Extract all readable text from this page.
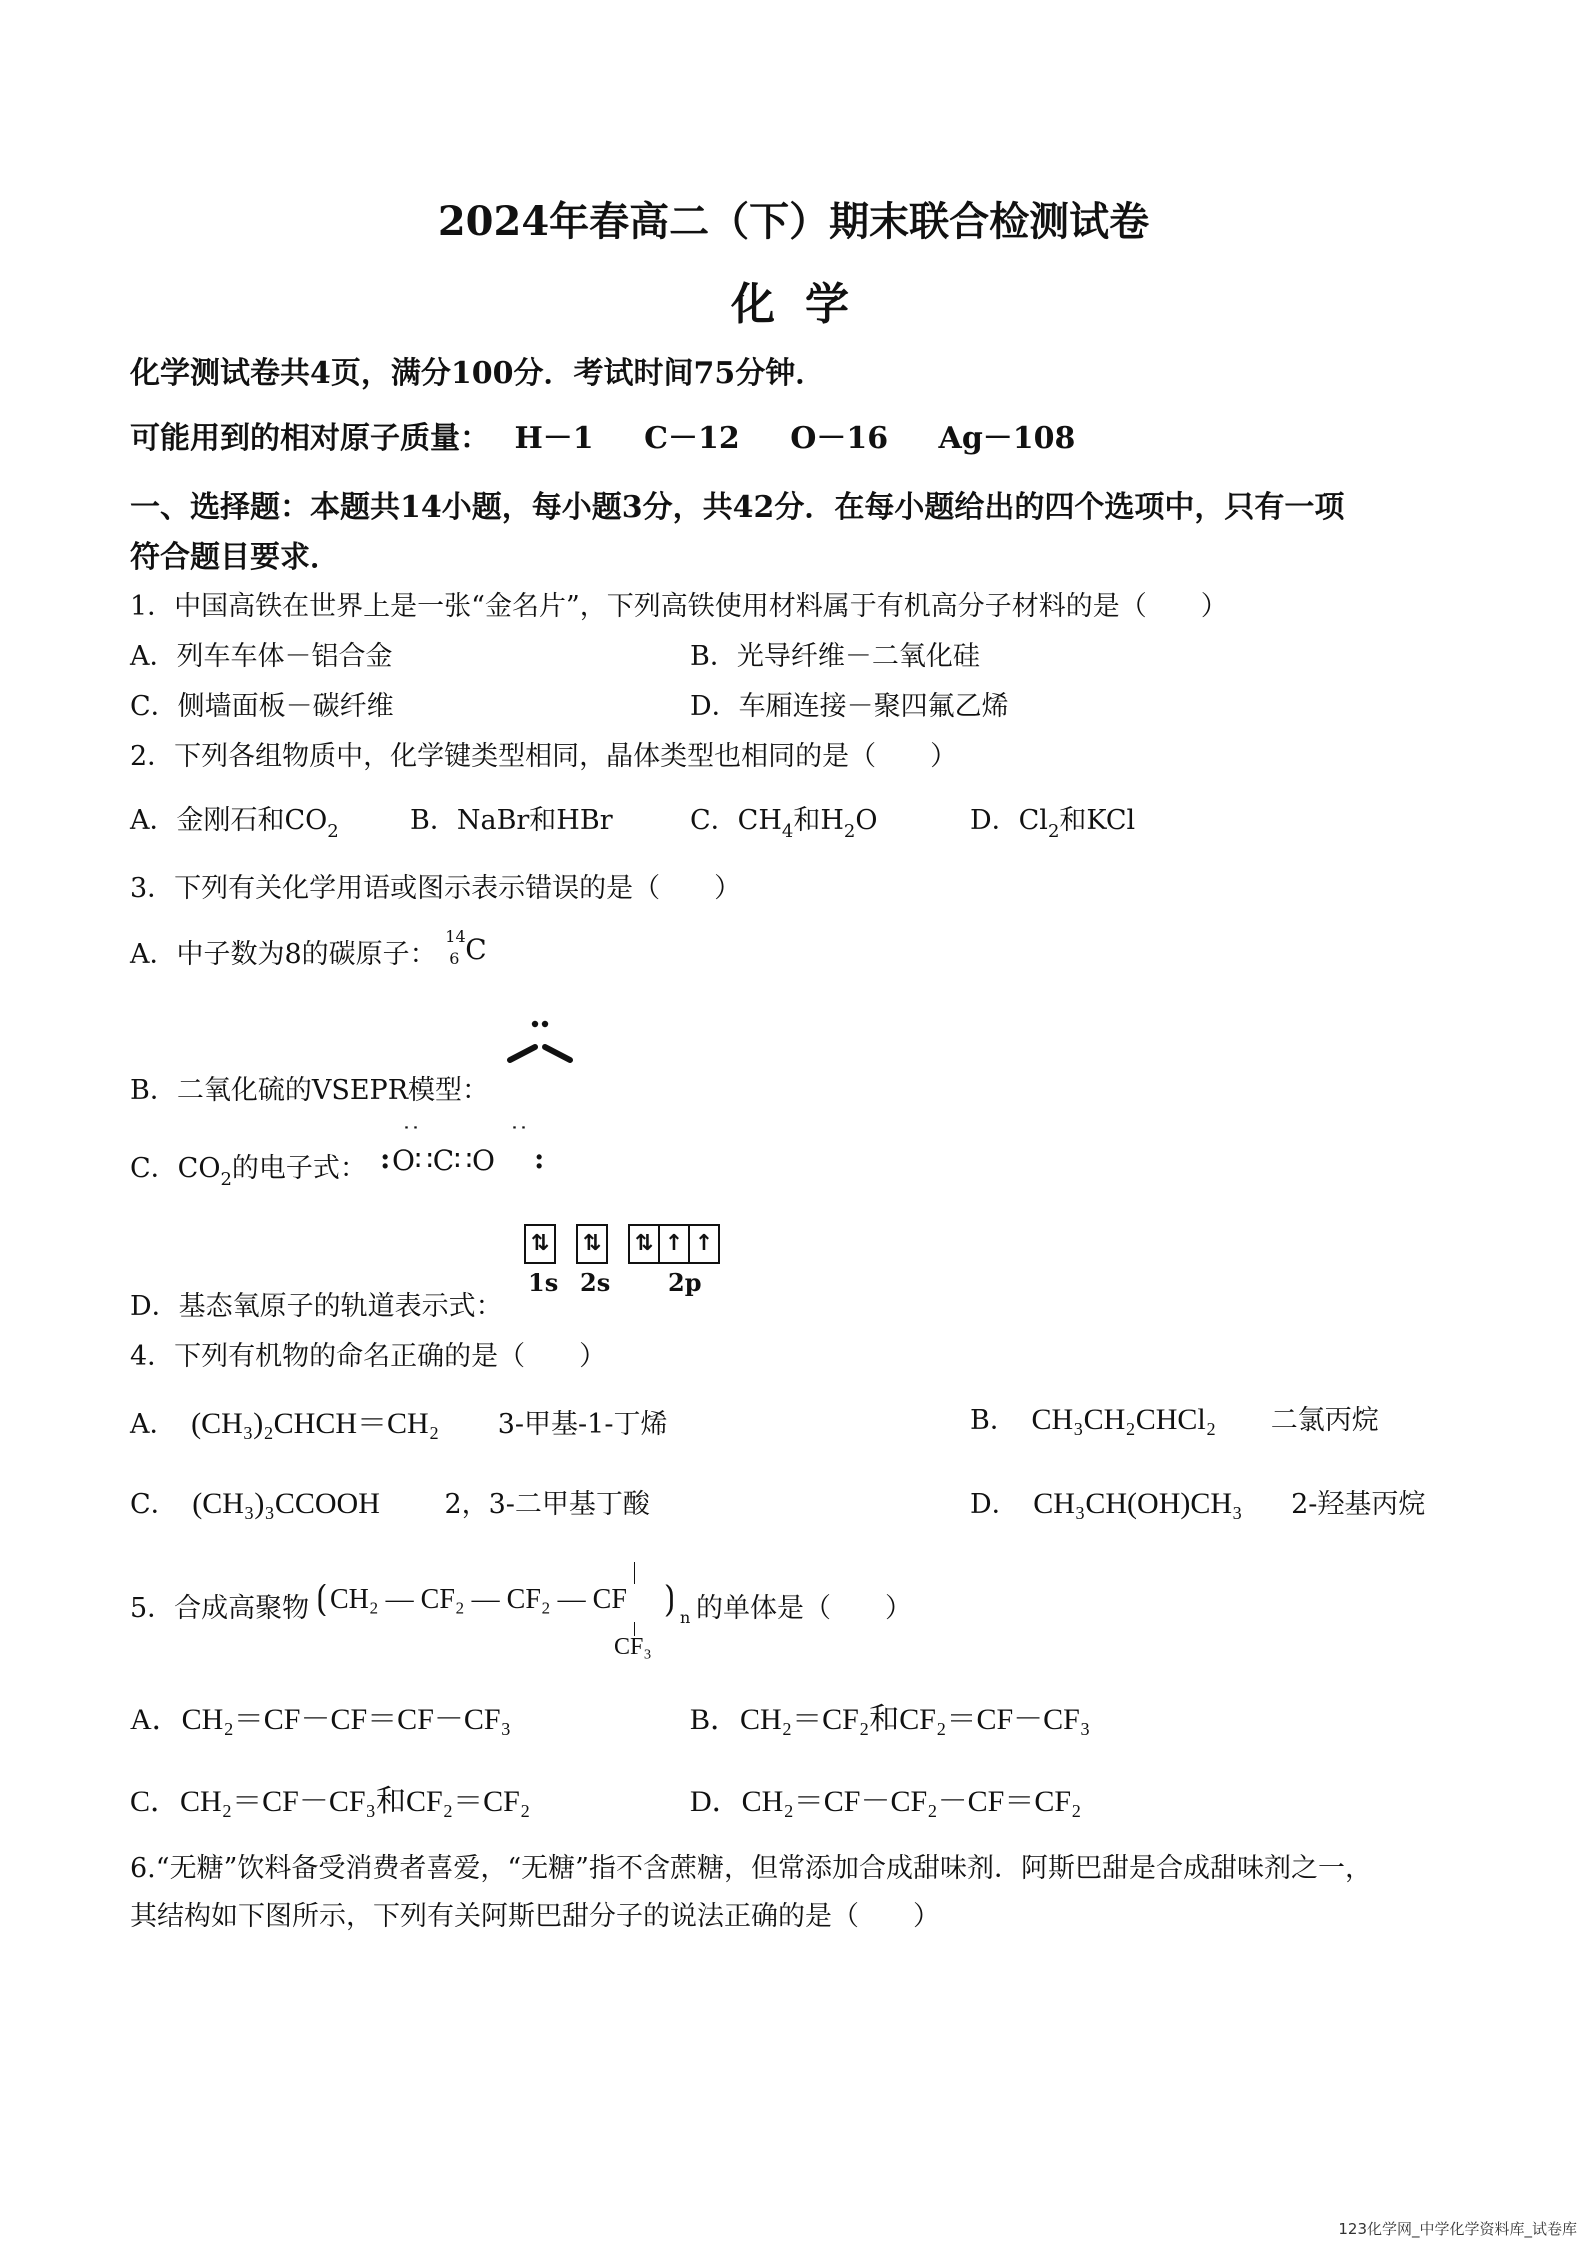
2024年春高二（下）期末联合检测试卷
化学
化学测试卷共4页，满分100分．考试时间75分钟．
可能用到的相对原子质量： H－1 C－12 O－16 Ag－108
一、选择题：本题共14小题，每小题3分，共42分．在每小题给出的四个选项中，只有一项
符合题目要求．
1．中国高铁在世界上是一张“金名片”，下列高铁使用材料属于有机高分子材料的是（　　）
A．列车车体－铝合金	B．光导纤维－二氧化硅
C．侧墙面板－碳纤维	D．车厢连接－聚四氟乙烯
2．下列各组物质中，化学键类型相同，晶体类型也相同的是（　　）
A．金刚石和$CO_2$	B．NaBr和HBr	C．$CH_4$和$H_2O$	D．$Cl_2$和KCl
3．下列有关化学用语或图示表示错误的是（　　）
A．中子数为8的碳原子：
14
6 C
B．二氧化硫的VSEPR模型：
C．$CO_2$的电子式：
˙˙	˙˙
: O∷C∷O :
D．基态氧原子的轨道表示式：
⇅	⇅	⇅ ↑ ↑
1s 2s 2p
4．下列有机物的命名正确的是（　　）
A． (CH₃)₂CHCH＝CH₂ 3-甲基-1-丁烯	B． CH₃CH₂CHCl₂ 二氯丙烷
C． (CH₃)₃CCOOH 2，3-二甲基丁酸	D． CH₃CH(OH)CH₃ 2-羟基丙烷
5．合成高聚物 ⟮ CH₂ — CF₂ — CF₂ — CF
CF₃
⟯
n 的单体是（　　）
A．CH₂＝CF－CF＝CF－CF₃	B．CH₂＝CF₂和CF₂＝CF－CF₃
C．CH₂＝CF－CF₃和CF₂＝CF₂	D．CH₂＝CF－CF₂－CF＝CF₂
6.“无糖”饮料备受消费者喜爱，“无糖”指不含蔗糖，但常添加合成甜味剂．阿斯巴甜是合成甜味剂之一，
其结构如下图所示，下列有关阿斯巴甜分子的说法正确的是（　　）
123化学网_中学化学资料库_试卷库
